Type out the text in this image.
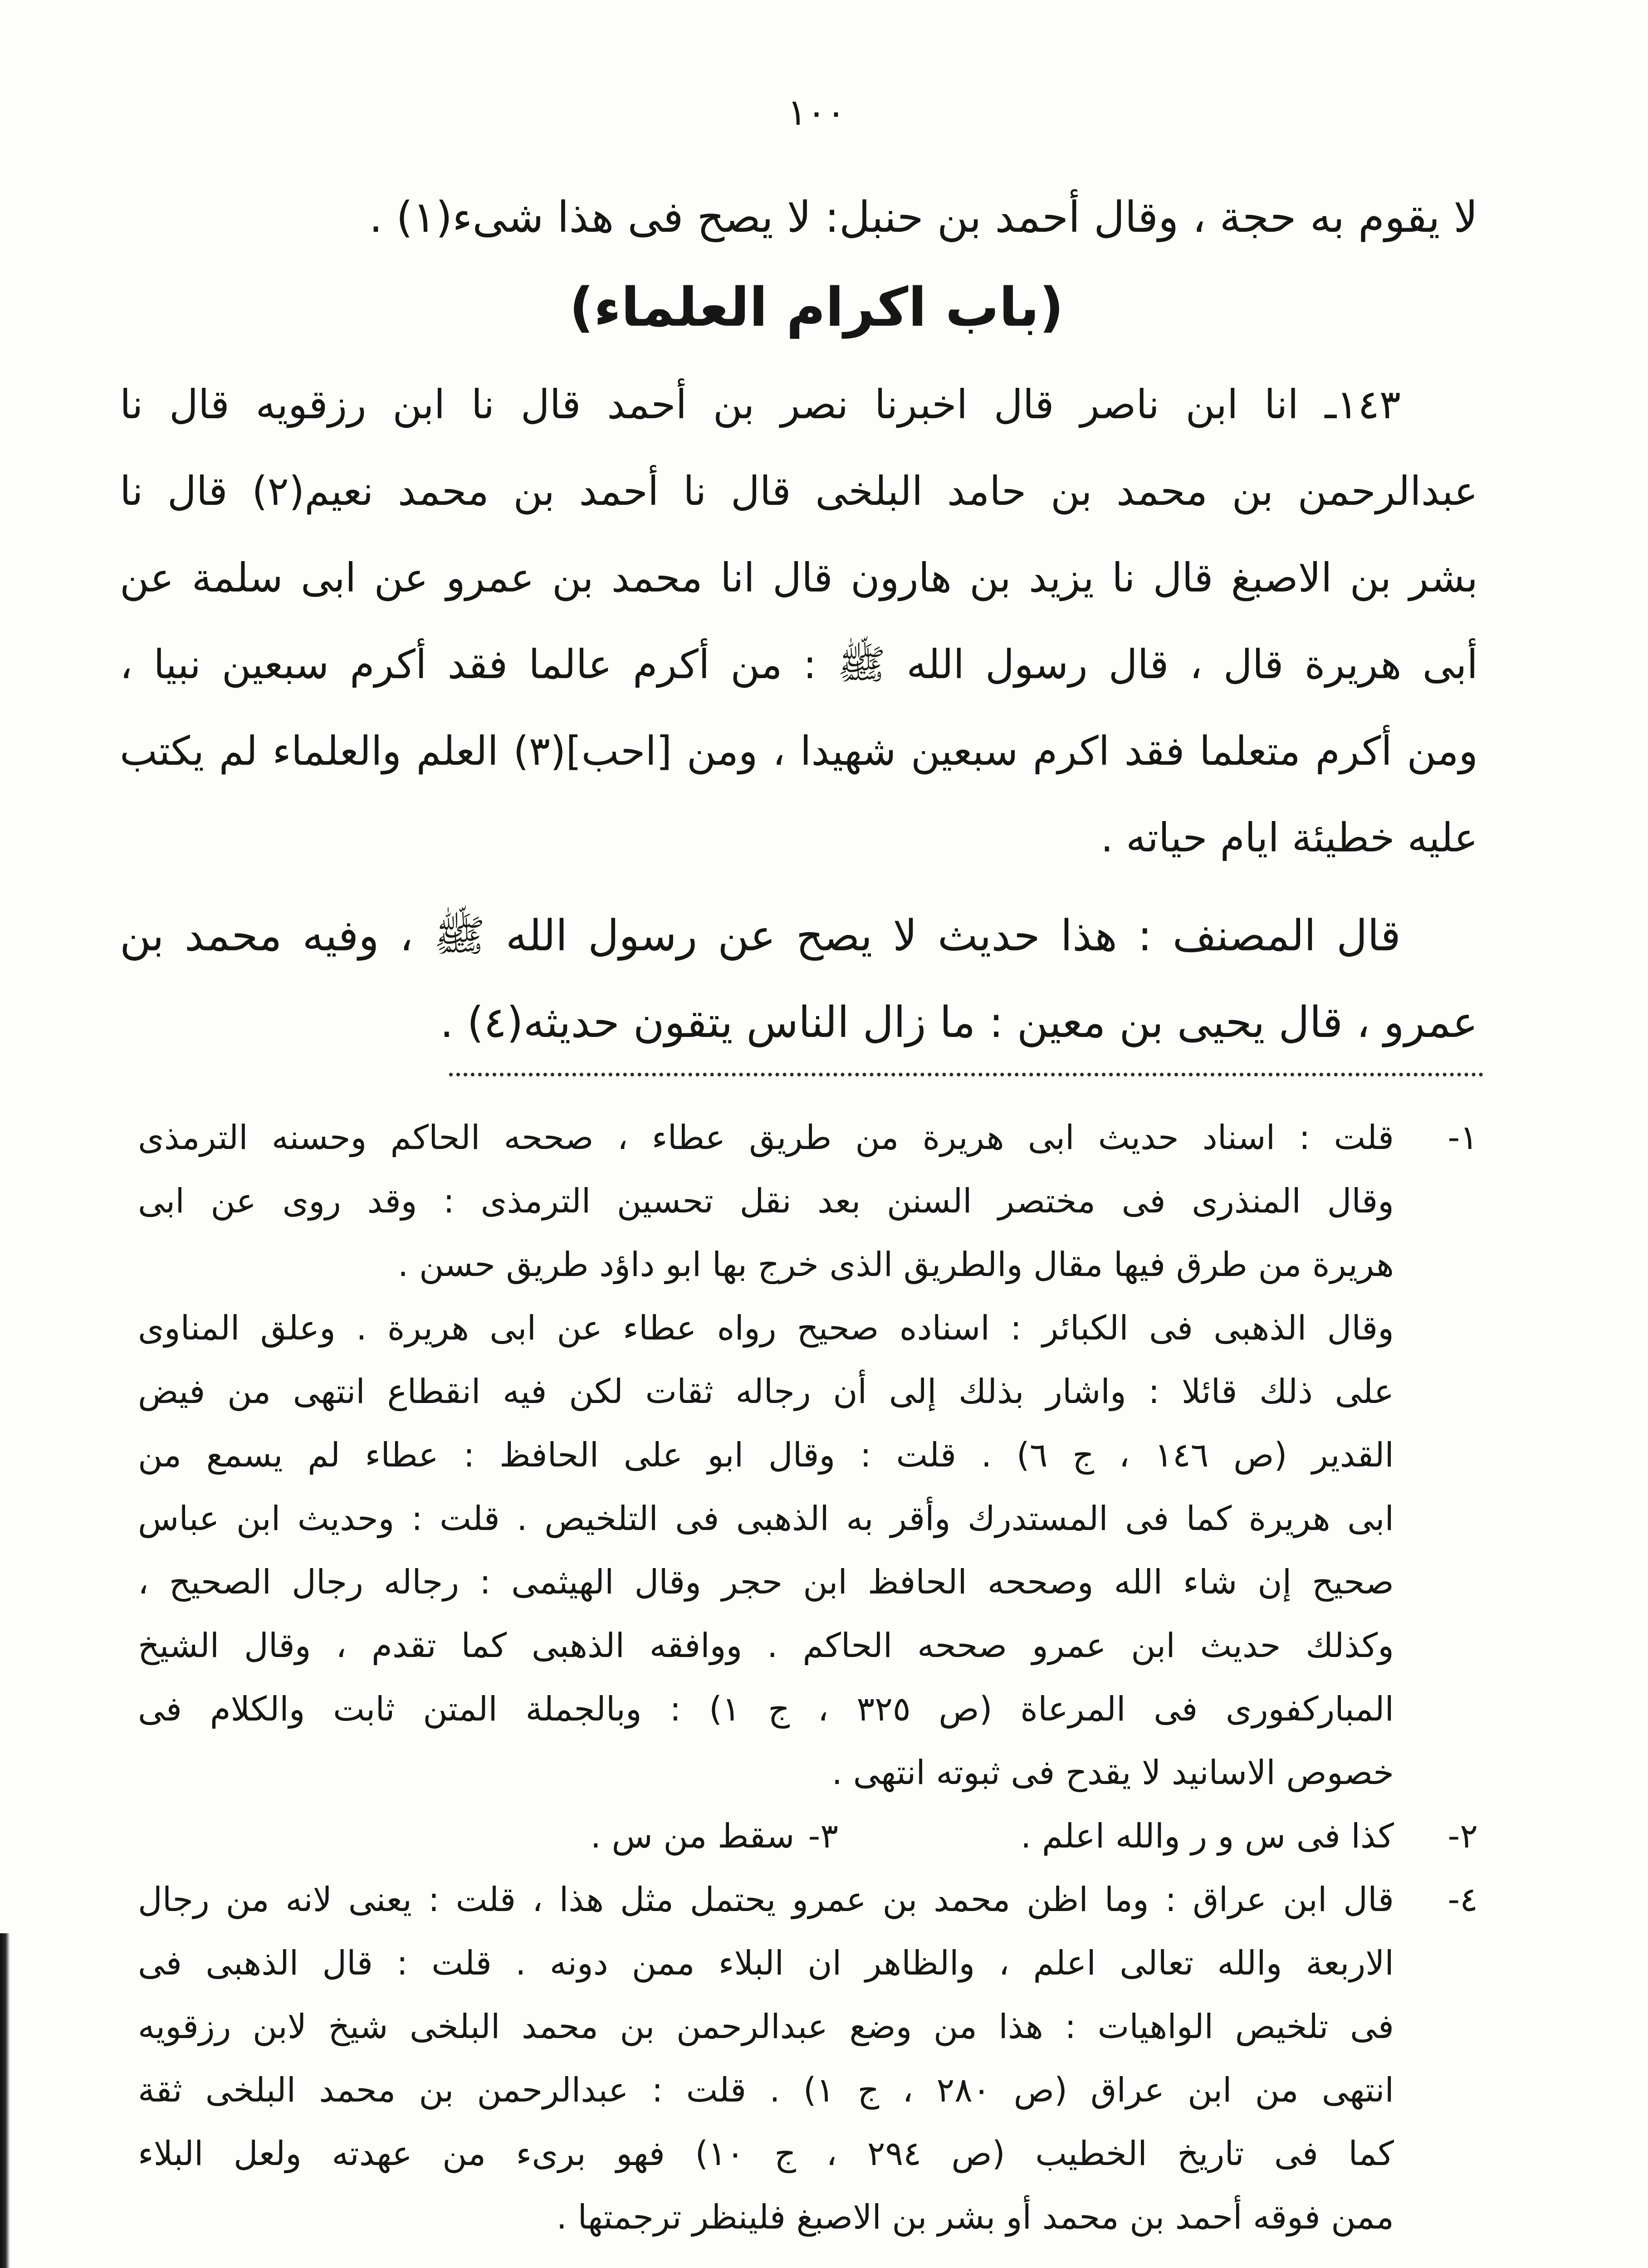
١٠٠
لا يقوم به حجة ، وقال أحمد بن حنبل: لا يصح فى هذا شىء(١) .
(باب اكرام العلماء)
١٤٣ـ انا ابن ناصر قال اخبرنا نصر بن أحمد قال نا ابن رزقويه قال نا
عبدالرحمن بن محمد بن حامد البلخى قال نا أحمد بن محمد نعيم(٢) قال نا
بشر بن الاصبغ قال نا يزيد بن هارون قال انا محمد بن عمرو عن ابى سلمة عن
أبى هريرة قال ، قال رسول الله ﷺ : من أكرم عالما فقد أكرم سبعين نبيا ،
ومن أكرم متعلما فقد اكرم سبعين شهيدا ، ومن [احب](٣) العلم والعلماء لم يكتب
عليه خطيئة ايام حياته .
قال المصنف : هذا حديث لا يصح عن رسول الله ﷺ ، وفيه محمد بن
عمرو ، قال يحيى بن معين : ما زال الناس يتقون حديثه(٤) .
١-
قلت : اسناد حديث ابى هريرة من طريق عطاء ، صححه الحاكم وحسنه الترمذى
وقال المنذرى فى مختصر السنن بعد نقل تحسين الترمذى : وقد روى عن ابى
هريرة من طرق فيها مقال والطريق الذى خرج بها ابو داؤد طريق حسن .
وقال الذهبى فى الكبائر : اسناده صحيح رواه عطاء عن ابى هريرة . وعلق المناوى
على ذلك قائلا : واشار بذلك إلى أن رجاله ثقات لكن فيه انقطاع انتهى من فيض
القدير (ص ١٤٦ ، ج ٦) . قلت : وقال ابو على الحافظ : عطاء لم يسمع من
ابى هريرة كما فى المستدرك وأقر به الذهبى فى التلخيص . قلت : وحديث ابن عباس
صحيح إن شاء الله وصححه الحافظ ابن حجر وقال الهيثمى : رجاله رجال الصحيح ،
وكذلك حديث ابن عمرو صححه الحاكم . ووافقه الذهبى كما تقدم ، وقال الشيخ
المباركفورى فى المرعاة (ص ٣٢٥ ، ج ١) : وبالجملة المتن ثابت والكلام فى
خصوص الاسانيد لا يقدح فى ثبوته انتهى .
٢-
كذا فى س و ر والله اعلم .
٣-سقط من س .
٤-
قال ابن عراق : وما اظن محمد بن عمرو يحتمل مثل هذا ، قلت : يعنى لانه من رجال
الاربعة والله تعالى اعلم ، والظاهر ان البلاء ممن دونه . قلت : قال الذهبى فى
فى تلخيص الواهيات : هذا من وضع عبدالرحمن بن محمد البلخى شيخ لابن رزقويه
انتهى من ابن عراق (ص ٢٨٠ ، ج ١) . قلت : عبدالرحمن بن محمد البلخى ثقة
كما فى تاريخ الخطيب (ص ٢٩٤ ، ج ١٠) فهو برىء من عهدته ولعل البلاء
ممن فوقه أحمد بن محمد أو بشر بن الاصبغ فلينظر ترجمتها .
